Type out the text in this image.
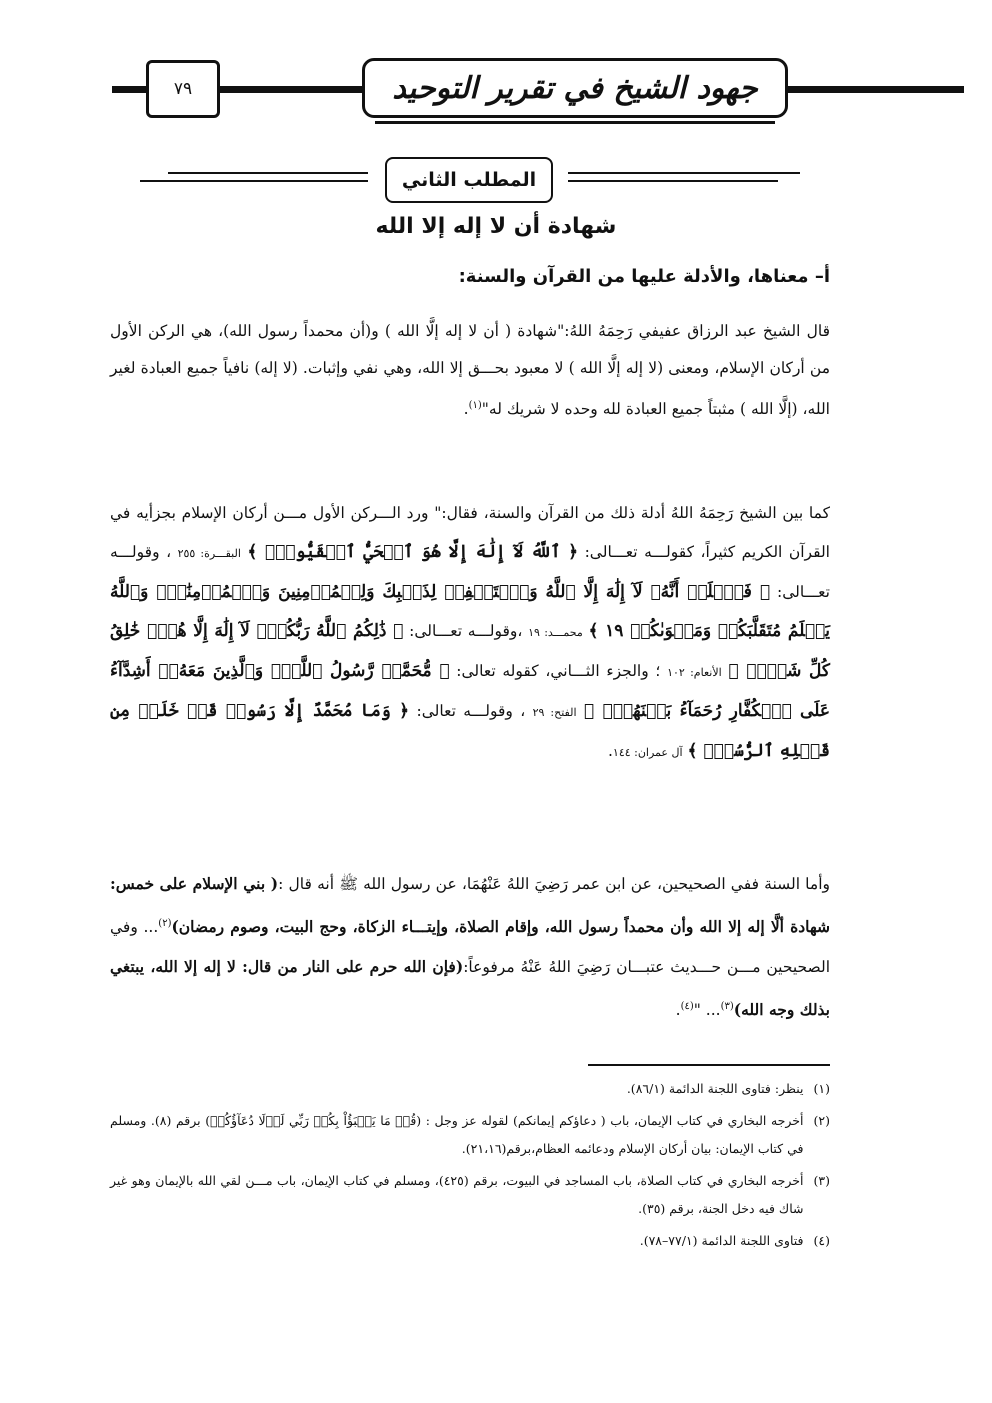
٧٩	جهود الشيخ في تقرير التوحيد
المطلب الثاني
شهادة أن لا إله إلا الله
أ– معناها، والأدلة عليها من القرآن والسنة:
قال الشيخ عبد الرزاق عفيفي رَحِمَهُ اللهُ:"شهادة ( أن لا إله إلَّا الله ) و(أن محمداً رسول الله)، هي الركن الأول من أركان الإسلام، ومعنى (لا إله إلَّا الله ) لا معبود بحـــق إلا الله، وهي نفي وإثبات. (لا إله) نافياً جميع العبادة لغير الله، (إلَّا الله ) مثبتاً جميع العبادة لله وحده لا شريك له"$^{(١)}$.
كما بين الشيخ رَحِمَهُ اللهُ أدلة ذلك من القرآن والسنة، فقال:" ورد الـــركن الأول مـــن أركان الإسلام بجزأيه في القرآن الكريم كثيراً، كقولـــه تعـــالى: ﴿ ٱللَّهُ لَآ إِلَٰهَ إِلَّا هُوَ ٱلۡحَيُّ ٱلۡقَيُّومُۚ ﴾ البقـــرة: ٢٥٥ ، وقولـــه تعـــالى: ﴿ فَٱعۡلَمۡ أَنَّهُۥ لَآ إِلَٰهَ إِلَّا ٱللَّهُ وَٱسۡتَغۡفِرۡ لِذَنۢبِكَ وَلِلۡمُؤۡمِنِينَ وَٱلۡمُؤۡمِنَٰتِۗ وَٱللَّهُ يَعۡلَمُ مُتَقَلَّبَكُمۡ وَمَثۡوَىٰكُمۡ ١٩ ﴾ محمـــد: ١٩ ،وقولـــه تعـــالى: ﴿ ذَٰلِكُمُ ٱللَّهُ رَبُّكُمۡۖ لَآ إِلَٰهَ إِلَّا هُوَۖ خَٰلِقُ كُلِّ شَيۡءٖ ﴾ الأنعام: ١٠٢ ؛ والجزء الثـــاني، كقوله تعالى: ﴿ مُّحَمَّدٞ رَّسُولُ ٱللَّهِۚ وَٱلَّذِينَ مَعَهُۥٓ أَشِدَّآءُ عَلَى ٱلۡكُفَّارِ رُحَمَآءُ بَيۡنَهُمۡۖ ﴾ الفتح: ٢٩ ، وقولـــه تعالى: ﴿ وَمَا مُحَمَّدٌ إِلَّا رَسُولٞ قَدۡ خَلَتۡ مِن قَبۡلِهِ ٱلرُّسُلُۚ ﴾ آل عمران: ١٤٤.
وأما السنة ففي الصحيحين، عن ابن عمر رَضِيَ اللهُ عَنْهُمَا، عن رسول الله ﷺ أنه قال :( بني الإسلام على خمس: شهادة ألَّا إله إلا الله وأن محمداً رسول الله، وإقام الصلاة، وإيتـــاء الزكاة، وحج البيت، وصوم رمضان)$^{(٢)}$... وفي الصحيحين مـــن حـــديث عتبـــان رَضِيَ اللهُ عَنْهُ مرفوعاً:(فإن الله حرم على النار من قال: لا إله إلا الله، يبتغي بذلك وجه الله)$^{(٣)}$... "$^{(٤)}$.
(١)
ينظر: فتاوى اللجنة الدائمة (٨٦/١).
(٢)
أخرجه البخاري في كتاب الإيمان، باب ( دعاؤكم إيمانكم) لقوله عز وجل : (قُلۡ مَا يَعۡبَؤُاْ بِكُمۡ رَبِّي لَوۡلَا دُعَآؤُكُمۡ) برقم (٨). ومسلم في كتاب الإيمان: بيان أركان الإسلام ودعائمه العظام،برقم(٢١،١٦).
(٣)
أخرجه البخاري في كتاب الصلاة، باب المساجد في البيوت، برقم (٤٢٥)، ومسلم في كتاب الإيمان، باب مـــن لقي الله بالإيمان وهو غير شاك فيه دخل الجنة، برقم (٣٥).
(٤)
فتاوى اللجنة الدائمة (٧٧/١–٧٨).
